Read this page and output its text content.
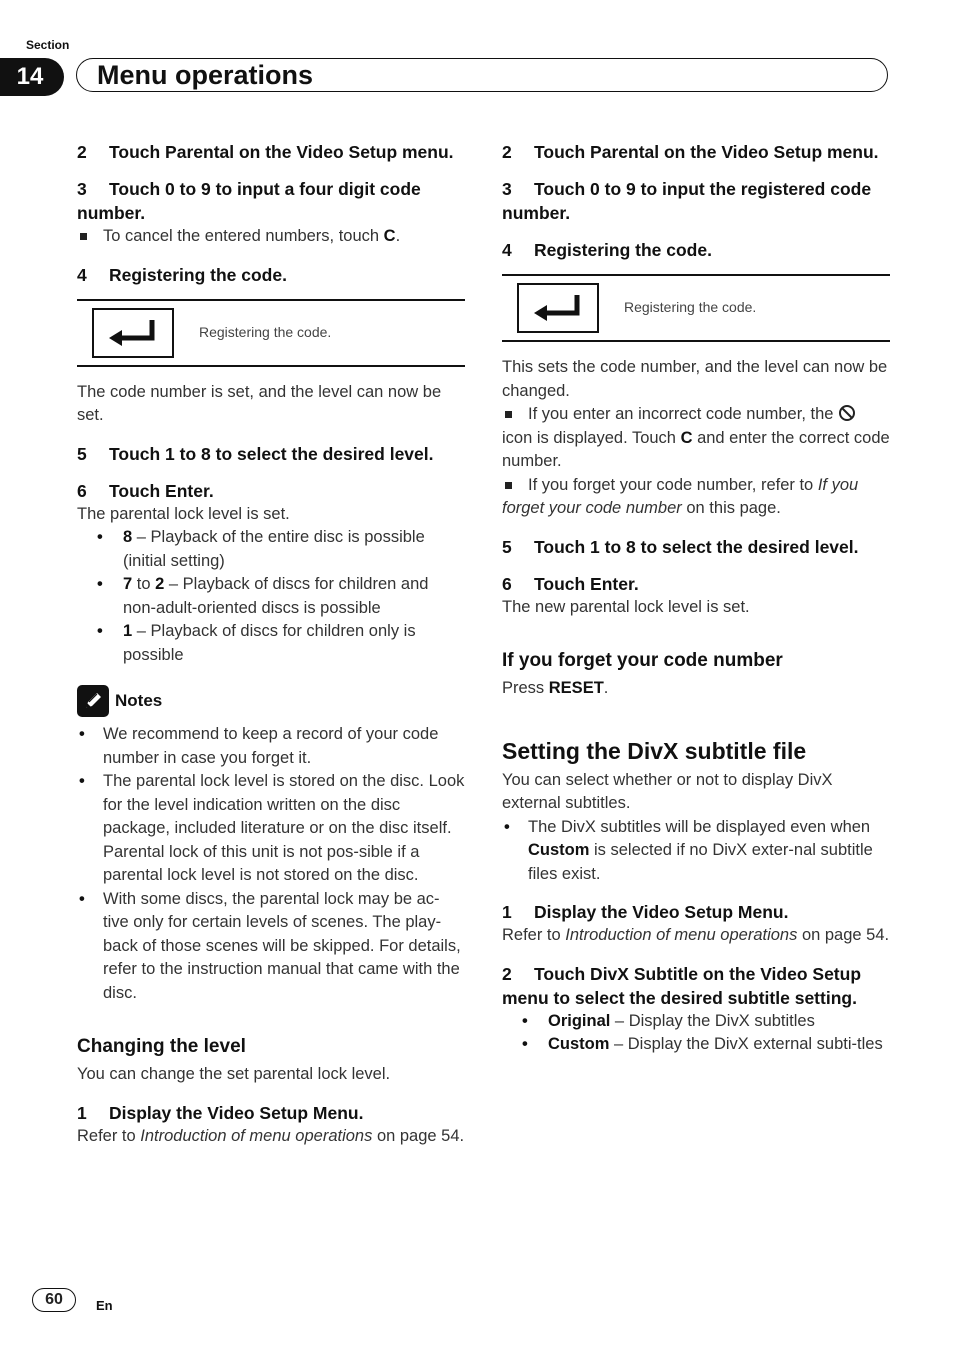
Section
14	Menu operations
2 Touch Parental on the Video Setup menu.
3 Touch 0 to 9 to input a four digit code number.
To cancel the entered numbers, touch C.
4 Registering the code.
Registering the code.
The code number is set, and the level can now be set.
5 Touch 1 to 8 to select the desired level.
6 Touch Enter.
The parental lock level is set.
• 8 – Playback of the entire disc is possible (initial setting)
• 7 to 2 – Playback of discs for children and non-adult-oriented discs is possible
• 1 – Playback of discs for children only is possible
Notes
• We recommend to keep a record of your code number in case you forget it.
• The parental lock level is stored on the disc. Look for the level indication written on the disc package, included literature or on the disc itself. Parental lock of this unit is not pos-sible if a parental lock level is not stored on the disc.
• With some discs, the parental lock may be ac-tive only for certain levels of scenes. The play-back of those scenes will be skipped. For details, refer to the instruction manual that came with the disc.
Changing the level
You can change the set parental lock level.
1 Display the Video Setup Menu.
Refer to Introduction of menu operations on page 54.
2 Touch Parental on the Video Setup menu.
3 Touch 0 to 9 to input the registered code number.
4 Registering the code.
Registering the code.
This sets the code number, and the level can now be changed.
If you enter an incorrect code number, the  icon is displayed. Touch C and enter the correct code number.
If you forget your code number, refer to If you forget your code number on this page.
5 Touch 1 to 8 to select the desired level.
6 Touch Enter.
The new parental lock level is set.
If you forget your code number
Press RESET.
Setting the DivX subtitle file
You can select whether or not to display DivX external subtitles.
• The DivX subtitles will be displayed even when Custom is selected if no DivX exter-nal subtitle files exist.
1 Display the Video Setup Menu.
Refer to Introduction of menu operations on page 54.
2 Touch DivX Subtitle on the Video Setup menu to select the desired subtitle setting.
• Original – Display the DivX subtitles
• Custom – Display the DivX external subti-tles
60	En
